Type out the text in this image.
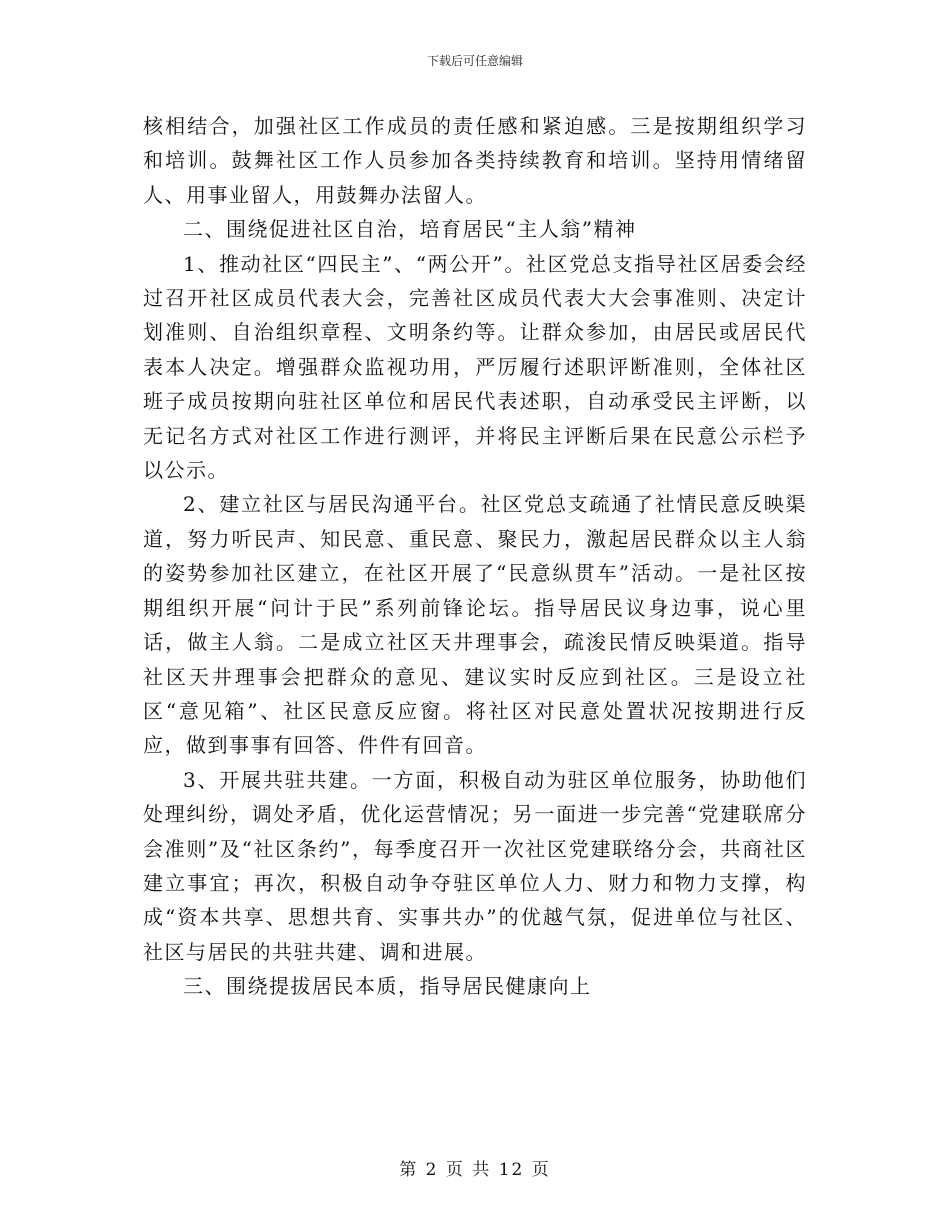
下载后可任意编辑

核相结合，加强社区工作成员的责任感和紧迫感。三是按期组织学习和培训。鼓舞社区工作人员参加各类持续教育和培训。坚持用情绪留人、用事业留人，用鼓舞办法留人。

二、围绕促进社区自治，培育居民“主人翁”精神

1、推动社区“四民主”、“两公开”。社区党总支指导社区居委会经过召开社区成员代表大会，完善社区成员代表大大会事准则、决定计划准则、自治组织章程、文明条约等。让群众参加，由居民或居民代表本人决定。增强群众监视功用，严厉履行述职评断准则，全体社区班子成员按期向驻社区单位和居民代表述职，自动承受民主评断，以无记名方式对社区工作进行测评，并将民主评断后果在民意公示栏予以公示。

2、建立社区与居民沟通平台。社区党总支疏通了社情民意反映渠道，努力听民声、知民意、重民意、聚民力，激起居民群众以主人翁的姿势参加社区建立，在社区开展了“民意纵贯车”活动。一是社区按期组织开展“问计于民”系列前锋论坛。指导居民议身边事，说心里话，做主人翁。二是成立社区天井理事会，疏浚民情反映渠道。指导社区天井理事会把群众的意见、建议实时反应到社区。三是设立社区“意见箱”、社区民意反应窗。将社区对民意处置状况按期进行反应，做到事事有回答、件件有回音。

3、开展共驻共建。一方面，积极自动为驻区单位服务，协助他们处理纠纷，调处矛盾，优化运营情况；另一面进一步完善“党建联席分会准则”及“社区条约”，每季度召开一次社区党建联络分会，共商社区建立事宜；再次，积极自动争夺驻区单位人力、财力和物力支撑，构成“资本共享、思想共育、实事共办”的优越气氛，促进单位与社区、社区与居民的共驻共建、调和进展。

三、围绕提拔居民本质，指导居民健康向上

第 2 页 共 12 页
